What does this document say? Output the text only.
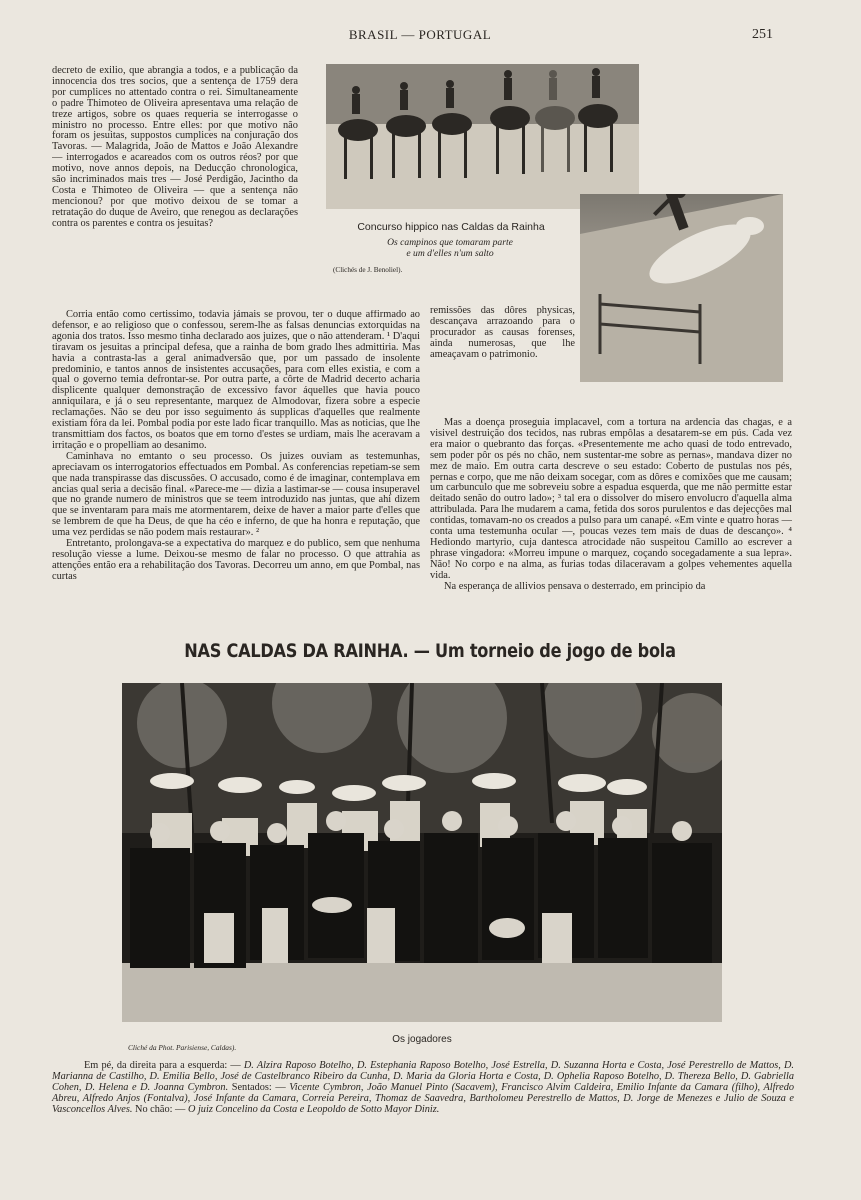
BRASIL — PORTUGAL	251

decreto de exilio, que abrangia a todos, e a publicação da innocencia dos tres socios, que a sentença de 1759 dera por cumplices no attentado contra o rei. Simultaneamente o padre Thimoteo de Oliveira apresentava uma relação de treze artigos, sobre os quaes requeria se interrogasse o ministro no processo. Entre elles: por que motivo não foram os jesuitas, suppostos cumplices na conjuração dos Tavoras. — Malagrida, João de Mattos e João Alexandre — interrogados e acareados com os outros réos? por que motivo, nove annos depois, na Deducção chronologica, são incriminados mais tres — José Perdigão, Jacintho da Costa e Thimoteo de Oliveira — que a sentença não mencionou? por que motivo deixou de se tomar a retratação do duque de Aveiro, que renegou as declarações contra os parentes e contra os jesuitas?	Concurso hippico nas Caldas da Rainha
Os campinos que tomaram parte
e um d'elles n'um salto
(Clichés de J. Benoliel).

Corria então como certissimo, todavia jámais se provou, ter o duque affirmado ao defensor, e ao religioso que o confessou, serem-lhe as falsas denuncias extorquidas na agonia dos tratos. Isso mesmo tinha declarado aos juizes, que o não attenderam. ¹ D'aqui tiravam os jesuitas a principal defesa, que a rainha de bom grado lhes admittiria. Mas havia a contrasta-las a geral animadversão que, por um passado de insolente predominio, e tantos annos de insistentes accusações, para com elles existia, e com a qual o governo temia defrontar-se. Por outra parte, a côrte de Madrid decerto acharia displicente qualquer demonstração de excessivo favor áquelles que havia pouco anniquilara, e já o seu representante, marquez de Almodovar, fizera sobre a especie reclamações. Não se deu por isso seguimento ás supplicas d'aquelles que realmente existiam fóra da lei. Pombal podia por este lado ficar tranquillo. Mas as noticias, que lhe transmittiam dos factos, os boatos que em torno d'estes se urdiam, mais lhe aceravam a irritação e o propelliam ao desanimo.

Caminhava no emtanto o seu processo. Os juizes ouviam as testemunhas, apreciavam os interrogatorios effectuados em Pombal. As conferencias repetiam-se sem que nada transpirasse das discussões. O accusado, como é de imaginar, contemplava em ancias qual seria a decisão final. «Parece-me — dizia a lastimar-se — cousa insuperavel que no grande numero de ministros que se teem introduzido nas juntas, que ahi dizem que se inventaram para mais me atormentarem, deixe de haver a maior parte d'elles que se lembrem de que ha Deus, de que ha céo e inferno, de que ha honra e reputação, que uma vez perdidas se não podem mais restaurar». ²

Entretanto, prolongava-se a expectativa do marquez e do publico, sem que nenhuma resolução viesse a lume. Deixou-se mesmo de falar no processo. O que attrahia as attenções então era a rehabilitação dos Tavoras. Decorreu um anno, em que Pombal, nas curtas

remissões das dôres physicas, descançava arrazoando para o procurador as causas forenses, ainda numerosas, que lhe ameaçavam o patrimonio.

Mas a doença proseguia implacavel, com a tortura na ardencia das chagas, e a visivel destruição dos tecidos, nas rubras empôlas a desatarem-se em pús. Cada vez era maior o quebranto das forças. «Presentemente me acho quasi de todo entrevado, sem poder pôr os pés no chão, nem sustentar-me sobre as pernas», mandava dizer no mez de maio. Em outra carta descreve o seu estado: Coberto de pustulas nos pés, pernas e corpo, que me não deixam socegar, com as dôres e comixões que me causam; um carbunculo que me sobreveiu sobre a espadua esquerda, que me não permitte estar deitado senão do outro lado»; ³ tal era o dissolver do misero envolucro d'aquella alma attribulada. Para lhe mudarem a cama, fetida dos soros purulentos e das dejecções mal contidas, tomavam-no os creados a pulso para um canapé. «Em vinte e quatro horas — conta uma testemunha ocular —, poucas vezes tem mais de duas de descanço». ⁴ Hediondo martyrio, cuja dantesca atrocidade não suspeitou Camillo ao escrever a phrase vingadora: «Morreu impune o marquez, coçando socegadamente a sua lepra». Não! No corpo e na alma, as furias todas dilaceravam a golpes vehementes aquella vida.

Na esperança de allivios pensava o desterrado, em principio da

NAS CALDAS DA RAINHA. — Um torneio de jogo de bola
Os jogadores
Cliché da Phot. Parisiense, Caldas).
Em pé, da direita para a esquerda: — D. Alzira Raposo Botelho, D. Estephania Raposo Botelho, José Estrella, D. Suzanna Horta e Costa, José Perestrello de Mattos, D. Marianna de Castilho, D. Emilia Bello, José de Castelbranco Ribeiro da Cunha, D. Maria da Gloria Horta e Costa, D. Ophelia Raposo Botelho, D. Thereza Bello, D. Gabriella Cohen, D. Helena e D. Joanna Cymbron. Sentados: — Vicente Cymbron, João Manuel Pinto (Sacavem), Francisco Alvim Caldeira, Emilio Infante da Camara (filho), Alfredo Abreu, Alfredo Anjos (Fontalva), José Infante da Camara, Correia Pereira, Thomaz de Saavedra, Bartholomeu Perestrello de Mattos, D. Jorge de Menezes e Julio de Souza e Vasconcellos Alves. No chão: — O juiz Concelino da Costa e Leopoldo de Sotto Mayor Diniz.
